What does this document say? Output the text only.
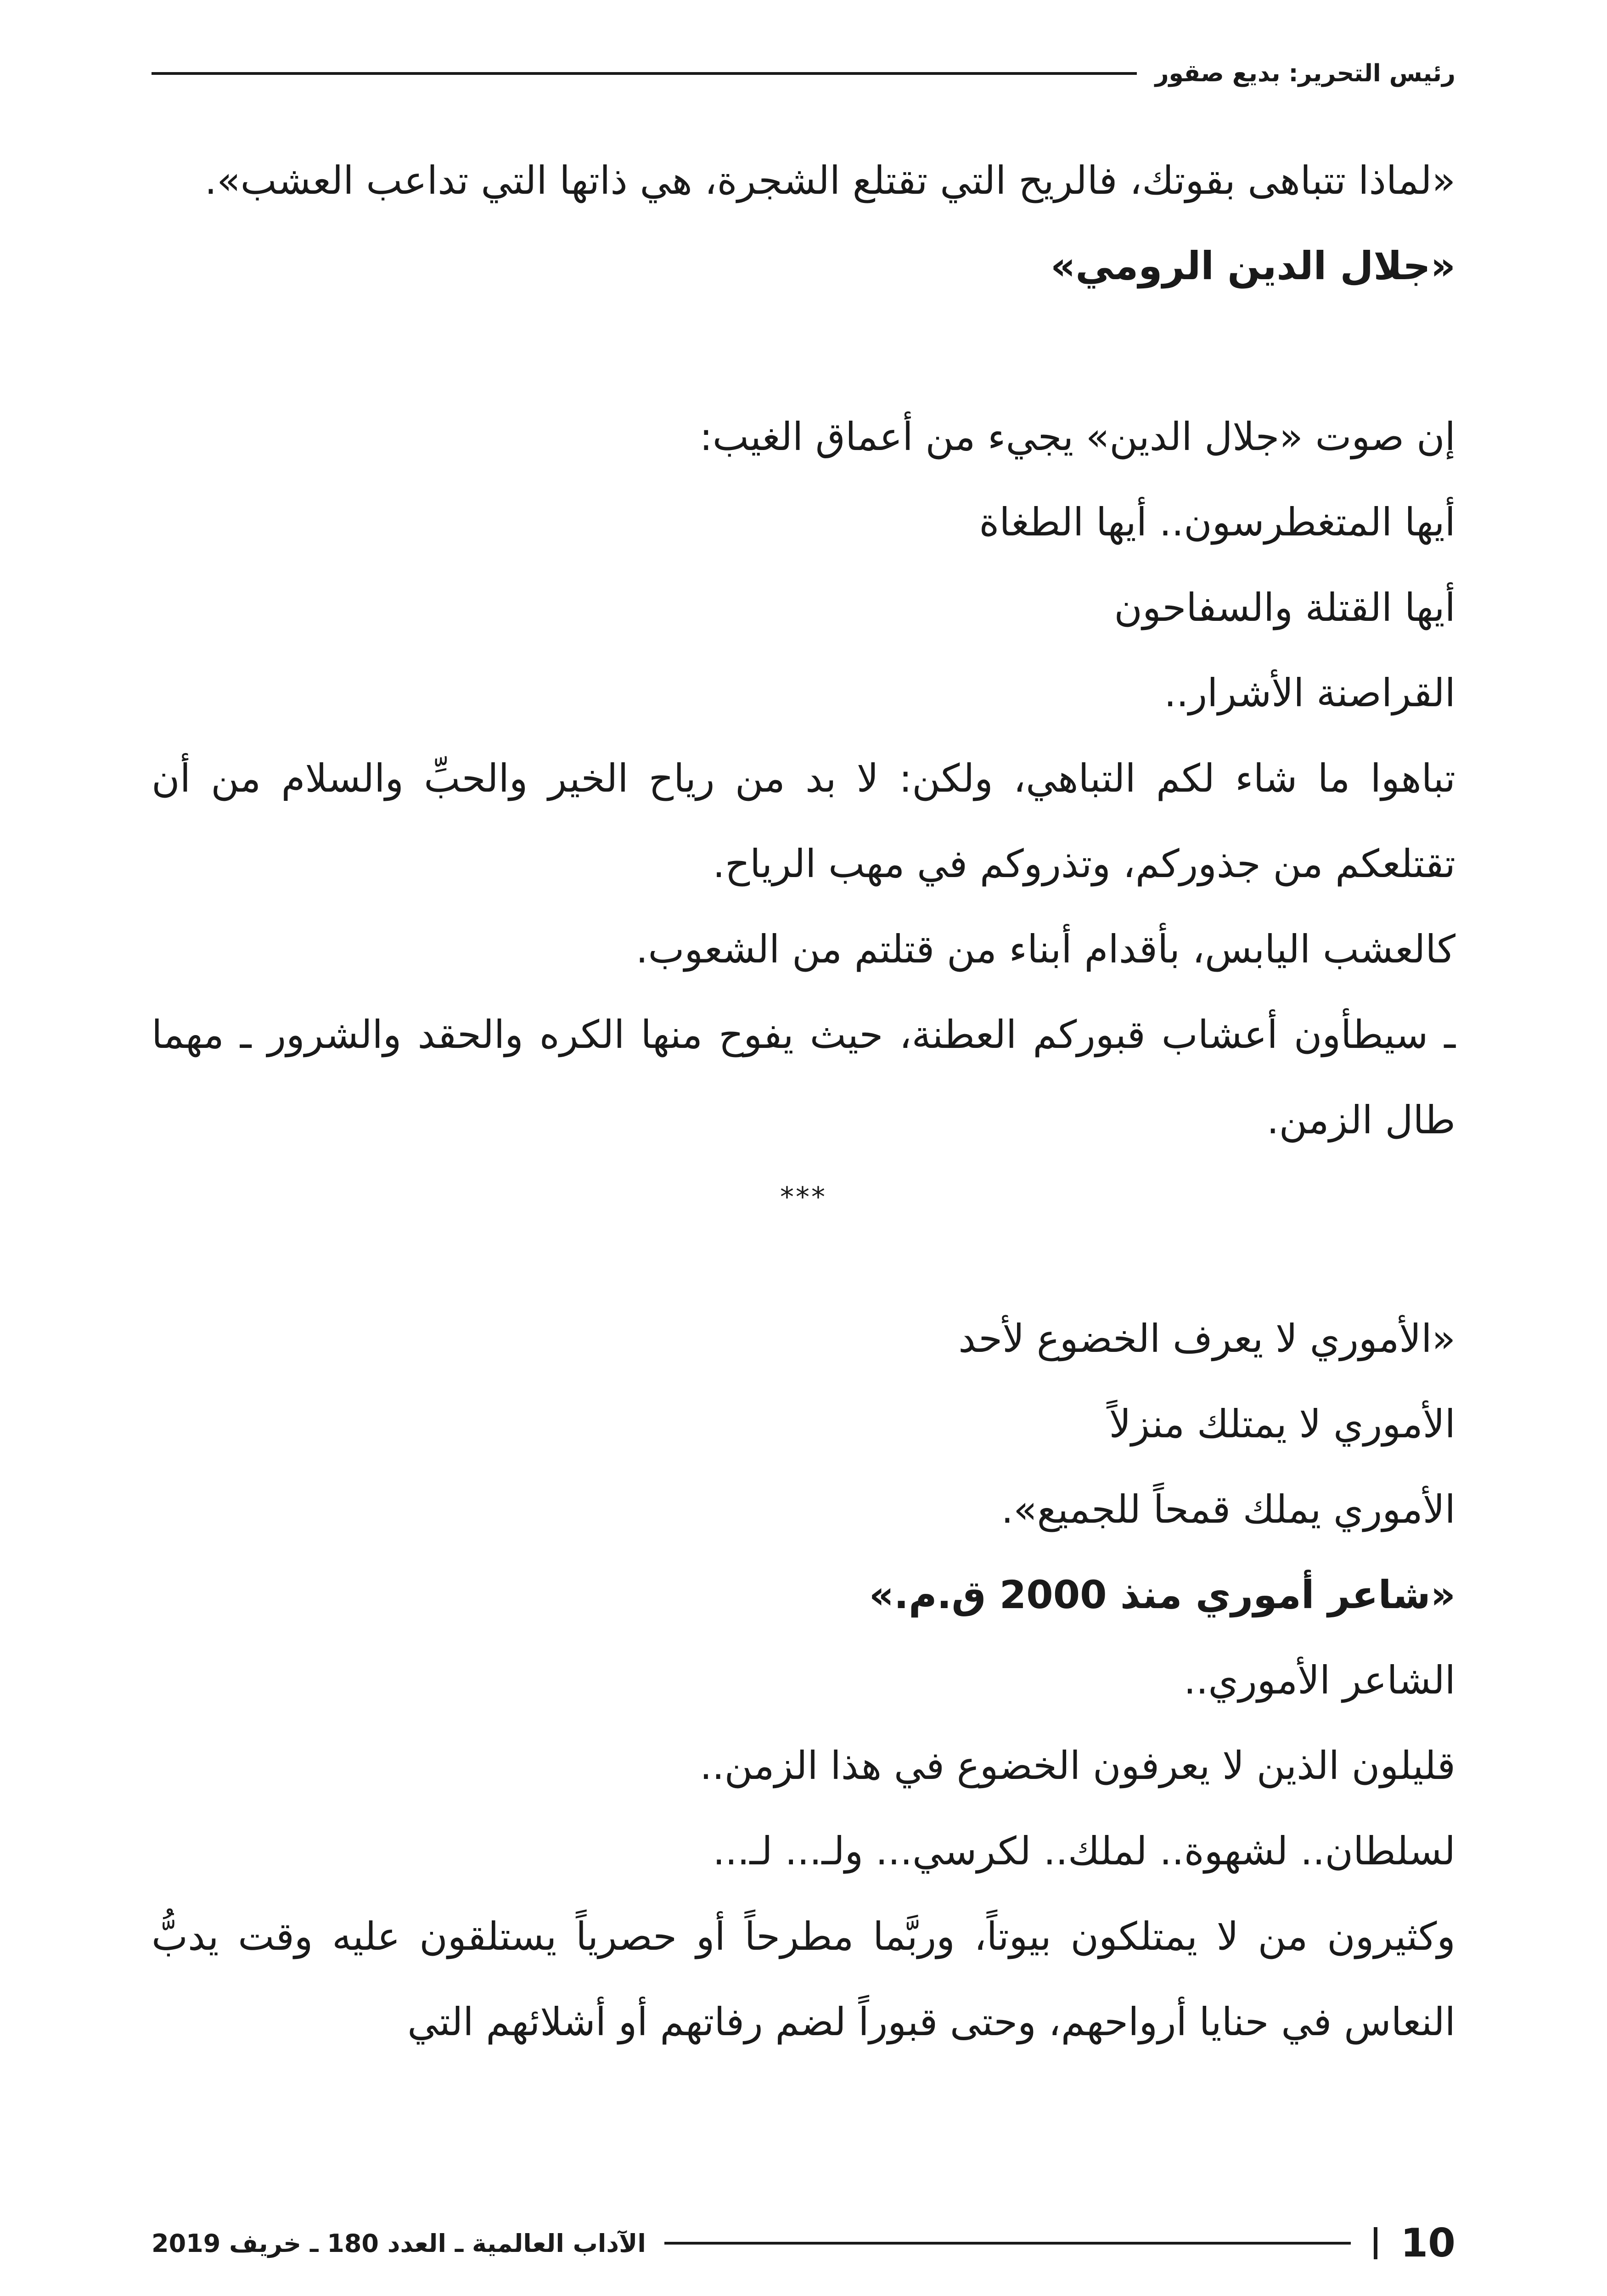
رئيس التحرير: بديع صقور

«لماذا تتباهى بقوتك، فالريح التي تقتلع الشجرة، هي ذاتها التي تداعب العشب».

«جلال الدين الرومي»

إن صوت «جلال الدين» يجيء من أعماق الغيب:

أيها المتغطرسون.. أيها الطغاة

أيها القتلة والسفاحون

القراصنة الأشرار..

تباهوا ما شاء لكم التباهي، ولكن: لا بد من رياح الخير والحبِّ والسلام من أن تقتلعكم من جذوركم، وتذروكم في مهب الرياح.

كالعشب اليابس، بأقدام أبناء من قتلتم من الشعوب.

ـ سيطأون أعشاب قبوركم العطنة، حيث يفوح منها الكره والحقد والشرور ـ مهما طال الزمن.

***

«الأموري لا يعرف الخضوع لأحد

الأموري لا يمتلك منزلاً

الأموري يملك قمحاً للجميع».

«شاعر أموري منذ 2000 ق.م.»

الشاعر الأموري..

قليلون الذين لا يعرفون الخضوع في هذا الزمن..

لسلطان.. لشهوة.. لملك.. لكرسي... ولـ... لـ...

وكثيرون من لا يمتلكون بيوتاً، وربَّما مطرحاً أو حصرياً يستلقون عليه وقت يدبُّ النعاس في حنايا أرواحهم، وحتى قبوراً لضم رفاتهم أو أشلائهم التي

10
الآداب العالمية ـ العدد 180 ـ خريف 2019
